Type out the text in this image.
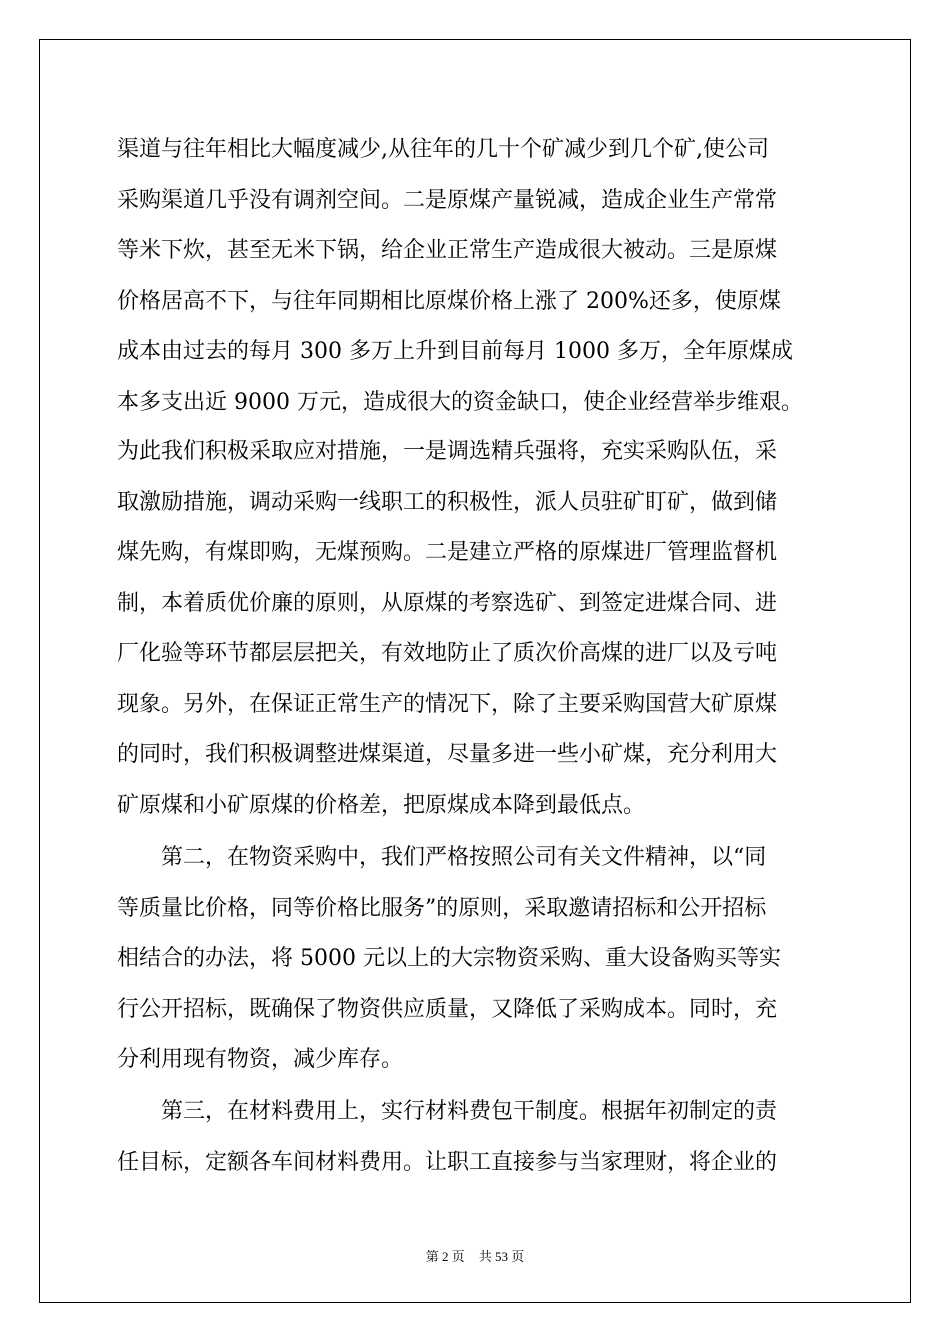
渠道与往年相比大幅度减少,从往年的几十个矿减少到几个矿,使公司
采购渠道几乎没有调剂空间。二是原煤产量锐减，造成企业生产常常
等米下炊，甚至无米下锅，给企业正常生产造成很大被动。三是原煤
价格居高不下，与往年同期相比原煤价格上涨了 200%还多，使原煤
成本由过去的每月 300 多万上升到目前每月 1000 多万，全年原煤成
本多支出近 9000 万元，造成很大的资金缺口，使企业经营举步维艰。
为此我们积极采取应对措施，一是调选精兵强将，充实采购队伍，采
取激励措施，调动采购一线职工的积极性，派人员驻矿盯矿，做到储
煤先购，有煤即购，无煤预购。二是建立严格的原煤进厂管理监督机
制，本着质优价廉的原则，从原煤的考察选矿、到签定进煤合同、进
厂化验等环节都层层把关，有效地防止了质次价高煤的进厂以及亏吨
现象。另外，在保证正常生产的情况下，除了主要采购国营大矿原煤
的同时，我们积极调整进煤渠道，尽量多进一些小矿煤，充分利用大
矿原煤和小矿原煤的价格差，把原煤成本降到最低点。
　　第二，在物资采购中，我们严格按照公司有关文件精神，以“同
等质量比价格，同等价格比服务”的原则，采取邀请招标和公开招标
相结合的办法，将 5000 元以上的大宗物资采购、重大设备购买等实
行公开招标，既确保了物资供应质量，又降低了采购成本。同时，充
分利用现有物资，减少库存。
　　第三，在材料费用上，实行材料费包干制度。根据年初制定的责
任目标，定额各车间材料费用。让职工直接参与当家理财，将企业的
第 2 页 共 53 页
